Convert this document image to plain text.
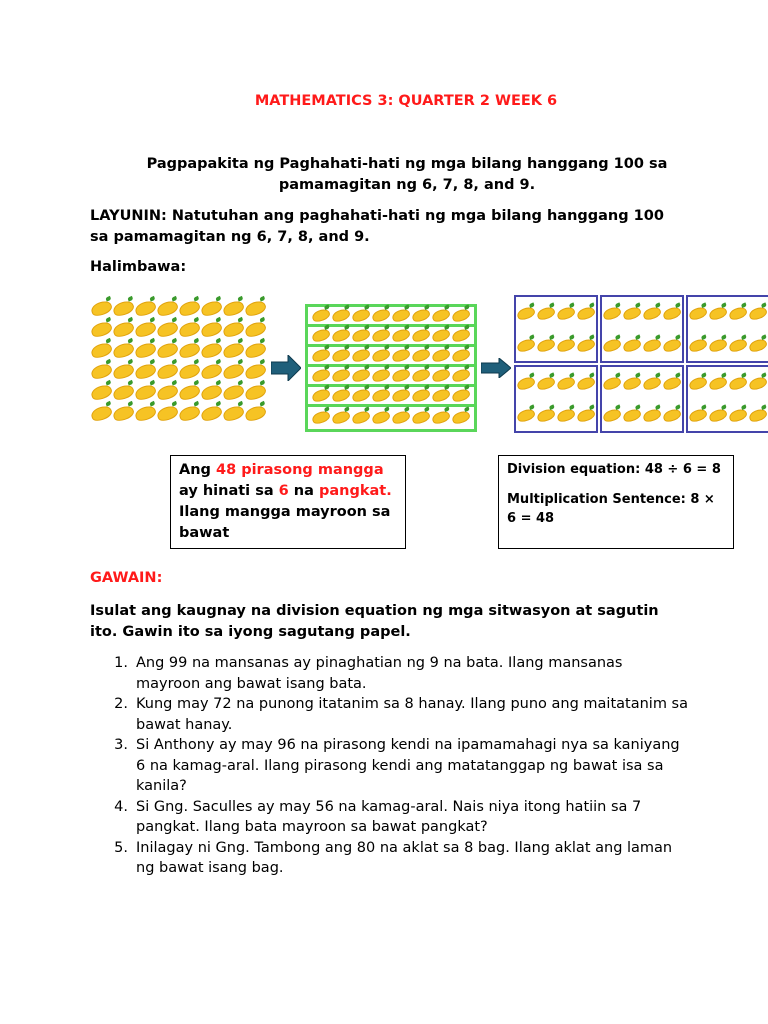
MATHEMATICS 3: QUARTER 2 WEEK 6
Pagpapakita ng Paghahati-hati ng mga bilang hanggang 100 sa pamamagitan ng 6, 7, 8, and 9.
LAYUNIN: Natutuhan ang paghahati-hati ng mga bilang hanggang 100 sa pamamagitan ng 6, 7, 8, and 9.
Halimbawa:
Ang 48 pirasong mangga ay hinati sa 6 na pangkat. Ilang mangga mayroon sa bawat
Division equation: 48 ÷ 6 = 8
Multiplication Sentence: 8 × 6 = 48
GAWAIN:
Isulat ang kaugnay na division equation ng mga sitwasyon at sagutin ito. Gawin ito sa iyong sagutang papel.
1. Ang 99 na mansanas ay pinaghatian ng 9 na bata. Ilang mansanas mayroon ang bawat isang bata.
2. Kung may 72 na punong itatanim sa 8 hanay. Ilang puno ang maitatanim sa bawat hanay.
3. Si Anthony ay may 96 na pirasong kendi na ipamamahagi nya sa kaniyang 6 na kamag-aral. Ilang pirasong kendi ang matatanggap ng bawat isa sa kanila?
4. Si Gng. Saculles ay may 56 na kamag-aral. Nais niya itong hatiin sa 7 pangkat. Ilang bata mayroon sa bawat pangkat?
5. Inilagay ni Gng. Tambong ang 80 na aklat sa 8 bag. Ilang aklat ang laman ng bawat isang bag.
